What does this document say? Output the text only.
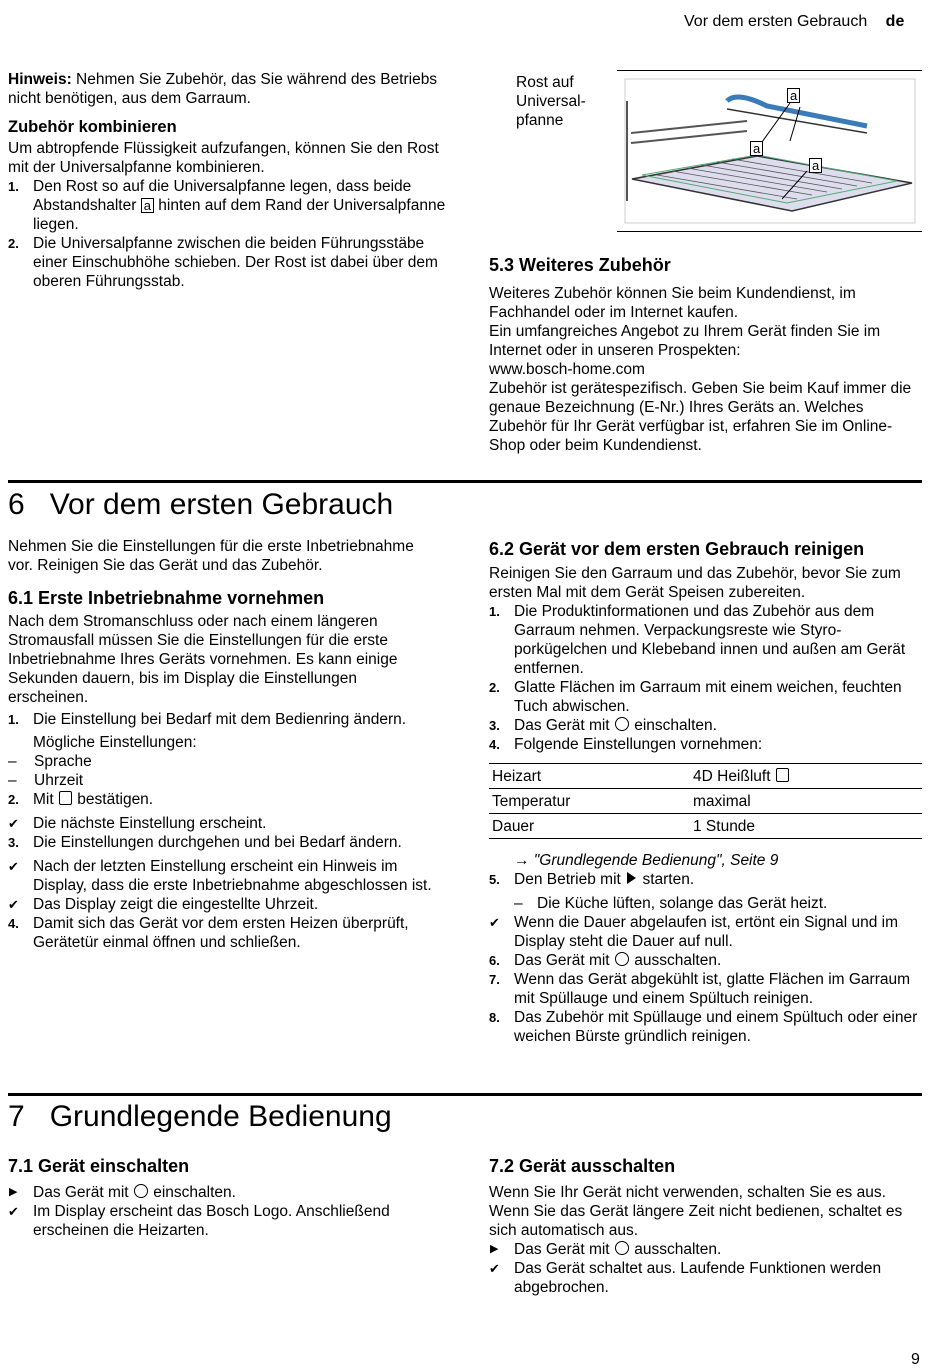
Vor dem ersten Gebrauch de

Hinweis: Nehmen Sie Zubehör, das Sie während des Betriebs nicht benötigen, aus dem Garraum.

Zubehör kombinieren

Um abtropfende Flüssigkeit aufzufangen, können Sie den Rost mit der Universalpfanne kombinieren.

1. Den Rost so auf die Universalpfanne legen, dass beide Abstandshalter a hinten auf dem Rand der Universalpfanne liegen.
2. Die Universalpfanne zwischen die beiden Führungsstäbe einer Einschubhöhe schieben. Der Rost ist dabei über dem oberen Führungsstab.
Rost auf Universalpfanne
a
a
a

5.3 Weiteres Zubehör

Weiteres Zubehör können Sie beim Kundendienst, im Fachhandel oder im Internet kaufen.

Ein umfangreiches Angebot zu Ihrem Gerät finden Sie im Internet oder in unseren Prospekten:

www.bosch-home.com

Zubehör ist gerätespezifisch. Geben Sie beim Kauf immer die genaue Bezeichnung (E-Nr.) Ihres Geräts an. Welches Zubehör für Ihr Gerät verfügbar ist, erfahren Sie im Online-Shop oder beim Kundendienst.

6   Vor dem ersten Gebrauch

Nehmen Sie die Einstellungen für die erste Inbetriebnahme vor. Reinigen Sie das Gerät und das Zubehör.

6.1 Erste Inbetriebnahme vornehmen

Nach dem Stromanschluss oder nach einem längeren Stromausfall müssen Sie die Einstellungen für die erste Inbetriebnahme Ihres Geräts vornehmen. Es kann einige Sekunden dauern, bis im Display die Einstellungen erscheinen.

1. Die Einstellung bei Bedarf mit dem Bedienring ändern.
Mögliche Einstellungen:
– Sprache
– Uhrzeit
2. Mit  bestätigen.
✔ Die nächste Einstellung erscheint.
3. Die Einstellungen durchgehen und bei Bedarf ändern.
✔ Nach der letzten Einstellung erscheint ein Hinweis im Display, dass die erste Inbetriebnahme abgeschlossen ist.
✔ Das Display zeigt die eingestellte Uhrzeit.
4. Damit sich das Gerät vor dem ersten Heizen überprüft, Gerätetür einmal öffnen und schließen.

6.2 Gerät vor dem ersten Gebrauch reinigen

Reinigen Sie den Garraum und das Zubehör, bevor Sie zum ersten Mal mit dem Gerät Speisen zubereiten.

1. Die Produktinformationen und das Zubehör aus dem Garraum nehmen. Verpackungsreste wie Styroporkügelchen und Klebeband innen und außen am Gerät entfernen.
2. Glatte Flächen im Garraum mit einem weichen, feuchten Tuch abwischen.
3. Das Gerät mit  einschalten.
4. Folgende Einstellungen vornehmen:
Heizart	4D Heißluft
Temperatur	maximal
Dauer	1 Stunde

→ "Grundlegende Bedienung", Seite 9

5. Den Betrieb mit  starten.
– Die Küche lüften, solange das Gerät heizt.
✔ Wenn die Dauer abgelaufen ist, ertönt ein Signal und im Display steht die Dauer auf null.
6. Das Gerät mit  ausschalten.
7. Wenn das Gerät abgekühlt ist, glatte Flächen im Garraum mit Spüllauge und einem Spültuch reinigen.
8. Das Zubehör mit Spüllauge und einem Spültuch oder einer weichen Bürste gründlich reinigen.
7   Grundlegende Bedienung

7.1 Gerät einschalten

▶ Das Gerät mit  einschalten.
✔ Im Display erscheint das Bosch Logo. Anschließend erscheinen die Heizarten.

7.2 Gerät ausschalten

Wenn Sie Ihr Gerät nicht verwenden, schalten Sie es aus. Wenn Sie das Gerät längere Zeit nicht bedienen, schaltet es sich automatisch aus.

▶ Das Gerät mit  ausschalten.
✔ Das Gerät schaltet aus. Laufende Funktionen werden abgebrochen.
9
